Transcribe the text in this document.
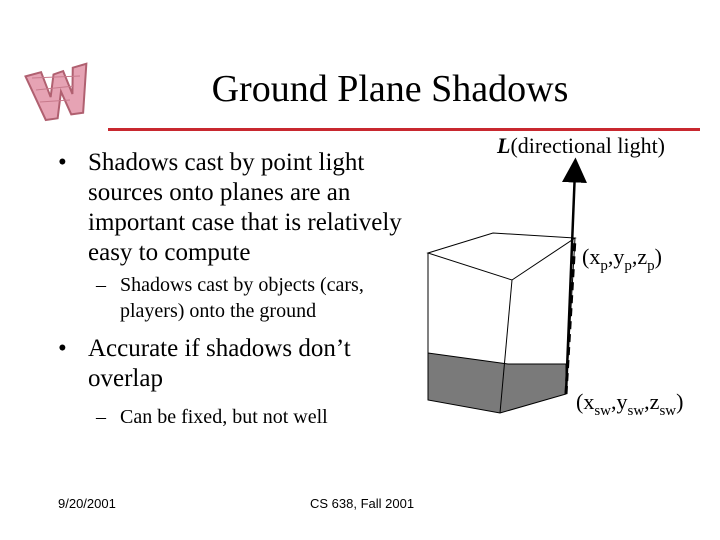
Ground Plane Shadows

• Shadows cast by point light sources onto planes are an important case that is relatively easy to compute

– Shadows cast by objects (cars, players) onto the ground

• Accurate if shadows don’t overlap

– Can be fixed, but not well

L(directional light)
$(x_p,y_p,z_p)$
$(x_{sw},y_{sw},z_{sw})$
9/20/2001	CS 638, Fall 2001
